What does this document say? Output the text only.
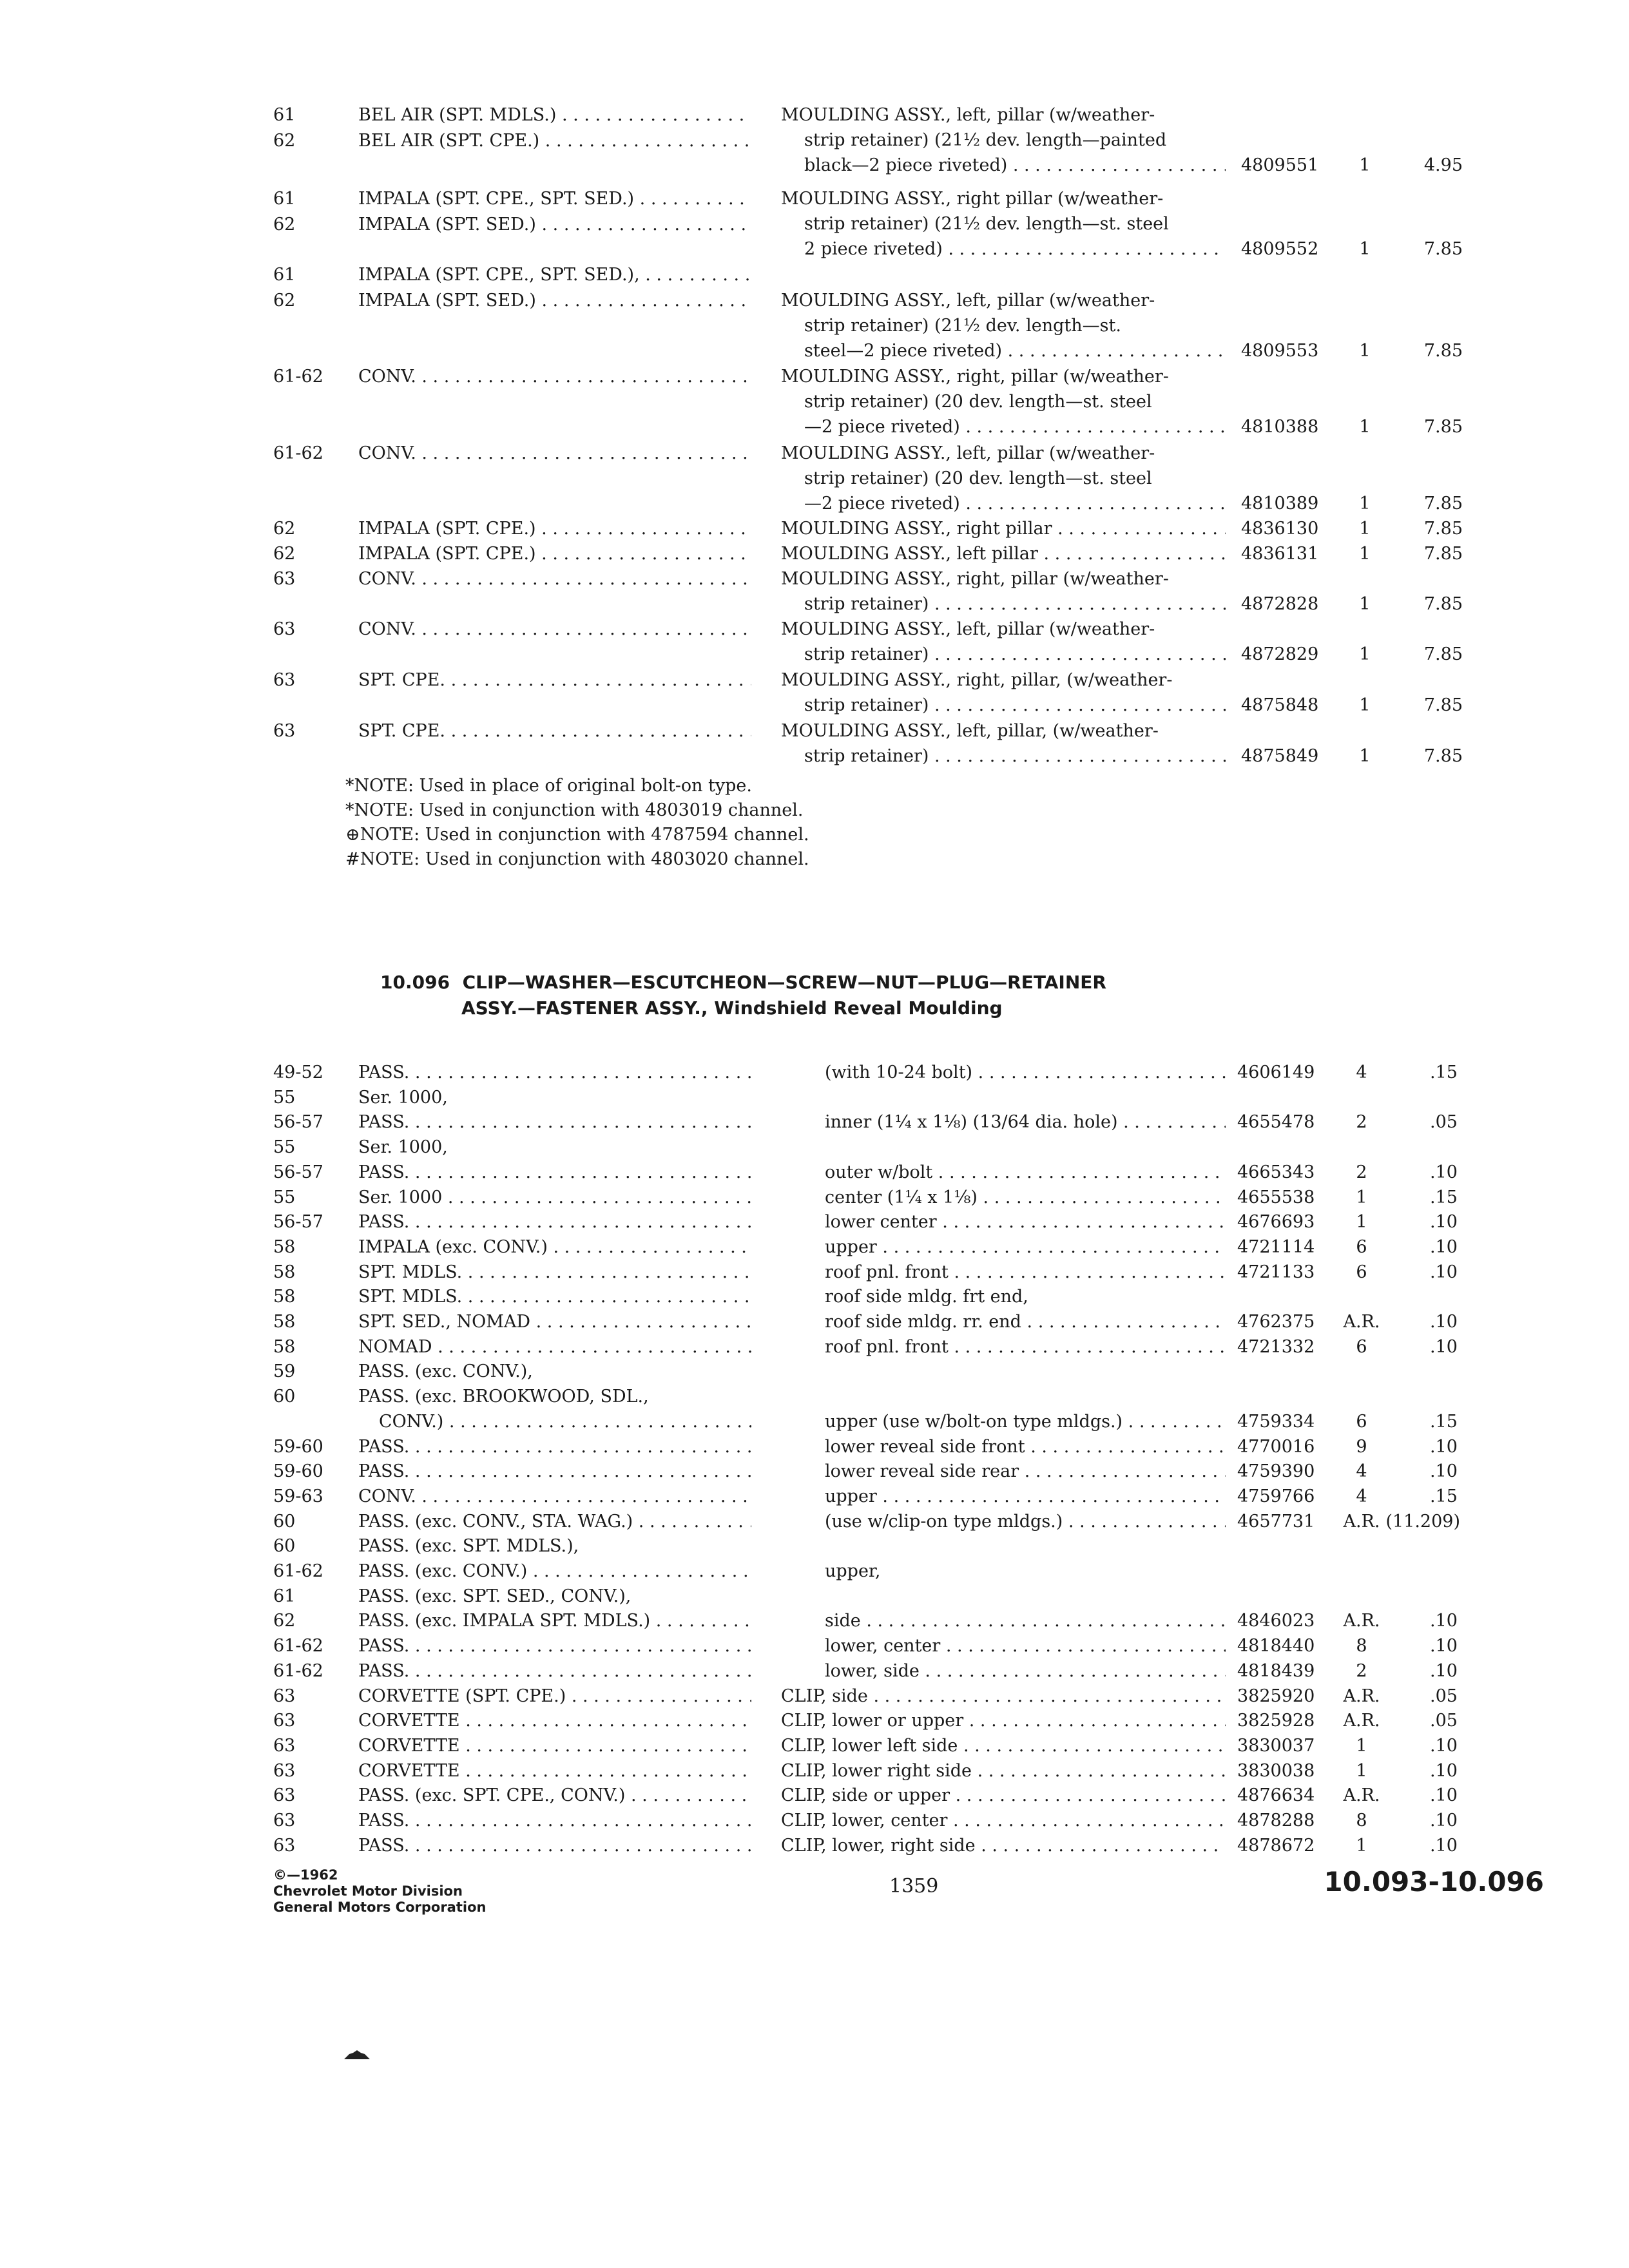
61	BEL AIR (SPT. MDLS.) . . .	MOULDING ASSY., left, pillar (w/weather-
strip retainer) (21½ dev. length—painted
black—2 piece riveted) . . .	4809551	1	4.95
62	BEL AIR (SPT. CPE.) . . .
61	IMPALA (SPT. CPE., SPT. SED.) . . .	MOULDING ASSY., right pillar (w/weather-
strip retainer) (21½ dev. length—st. steel
2 piece riveted) . . .	4809552	1	7.85
62	IMPALA (SPT. SED.) . . .
61	IMPALA (SPT. CPE., SPT. SED.), . . .
62	IMPALA (SPT. SED.) . . .	MOULDING ASSY., left, pillar (w/weather-
strip retainer) (21½ dev. length—st.
steel—2 piece riveted) . . .	4809553	1	7.85
61-62 CONV. . . .	MOULDING ASSY., right, pillar (w/weather-
strip retainer) (20 dev. length—st. steel
—2 piece riveted) . . .	4810388	1	7.85
61-62 CONV. . . .	MOULDING ASSY., left, pillar (w/weather-
strip retainer) (20 dev. length—st. steel
—2 piece riveted) . . .	4810389	1	7.85
62	IMPALA (SPT. CPE.) . . .	MOULDING ASSY., right pillar . . .	4836130	1	7.85
62	IMPALA (SPT. CPE.) . . .	MOULDING ASSY., left pillar . . .	4836131	1	7.85
63	CONV. . . .	MOULDING ASSY., right, pillar (w/weather-
strip retainer) . . .	4872828	1	7.85
63	CONV. . . .	MOULDING ASSY., left, pillar (w/weather-
strip retainer) . . .	4872829	1	7.85
63	SPT. CPE. . . .	MOULDING ASSY., right, pillar, (w/weather-
strip retainer) . . .	4875848	1	7.85
63	SPT. CPE. . . .	MOULDING ASSY., left, pillar, (w/weather-
strip retainer) . . .	4875849	1	7.85
*NOTE: Used in place of original bolt-on type.
*NOTE: Used in conjunction with 4803019 channel.
⊕NOTE: Used in conjunction with 4787594 channel.
#NOTE: Used in conjunction with 4803020 channel.
10.096 CLIP—WASHER—ESCUTCHEON—SCREW—NUT—PLUG—RETAINER
ASSY.—FASTENER ASSY., Windshield Reveal Moulding
49-52 PASS. . . .	(with 10-24 bolt) . . .	4606149	4	.15
55	Ser. 1000,
56-57 PASS. . . .	inner (1¼ x 1⅛) (13/64 dia. hole) . . .	4655478	2	.05
55	Ser. 1000,
56-57 PASS. . . .	outer w/bolt . . .	4665343	2	.10
55	Ser. 1000 . . .	center (1¼ x 1⅛) . . .	4655538	1	.15
56-57 PASS. . . .	lower center . . .	4676693	1	.10
58	IMPALA (exc. CONV.) . . .	upper . . .	4721114	6	.10
58	SPT. MDLS. . . .	roof pnl. front . . .	4721133	6	.10
58	SPT. MDLS. . . .	roof side mldg. frt end,
58	SPT. SED., NOMAD . . .	roof side mldg. rr. end . . .	4762375 A.R.	.10
58	NOMAD . . .	roof pnl. front . . .	4721332	6	.10
59	PASS. (exc. CONV.),
60	PASS. (exc. BROOKWOOD, SDL.,
CONV.) . . .	upper (use w/bolt-on type mldgs.) . . .	4759334	6	.15
59-60 PASS. . . .	lower reveal side front . . .	4770016	9	.10
59-60 PASS. . . .	lower reveal side rear . . .	4759390	4	.10
59-63 CONV. . . .	upper . . .	4759766	4	.15
60	PASS. (exc. CONV., STA. WAG.) . . .	(use w/clip-on type mldgs.) . . .	4657731 A.R. (11.209)
60	PASS. (exc. SPT. MDLS.),
61-62 PASS. (exc. CONV.) . . .	upper,
61	PASS. (exc. SPT. SED., CONV.),
62	PASS. (exc. IMPALA SPT. MDLS.) . . .	side . . .	4846023 A.R.	.10
61-62 PASS. . . .	lower, center . . .	4818440	8	.10
61-62 PASS. . . .	lower, side . . .	4818439	2	.10
63	CORVETTE (SPT. CPE.) . . .	CLIP, side . . .	3825920 A.R.	.05
63	CORVETTE . . .	CLIP, lower or upper . . .	3825928 A.R.	.05
63	CORVETTE . . .	CLIP, lower left side . . .	3830037	1	.10
63	CORVETTE . . .	CLIP, lower right side . . .	3830038	1	.10
63	PASS. (exc. SPT. CPE., CONV.) . . .	CLIP, side or upper . . .	4876634 A.R.	.10
63	PASS. . . .	CLIP, lower, center . . .	4878288	8	.10
63	PASS. . . .	CLIP, lower, right side . . .	4878672	1	.10
©—1962
Chevrolet Motor Division
General Motors Corporation
1359	10.093-10.096
